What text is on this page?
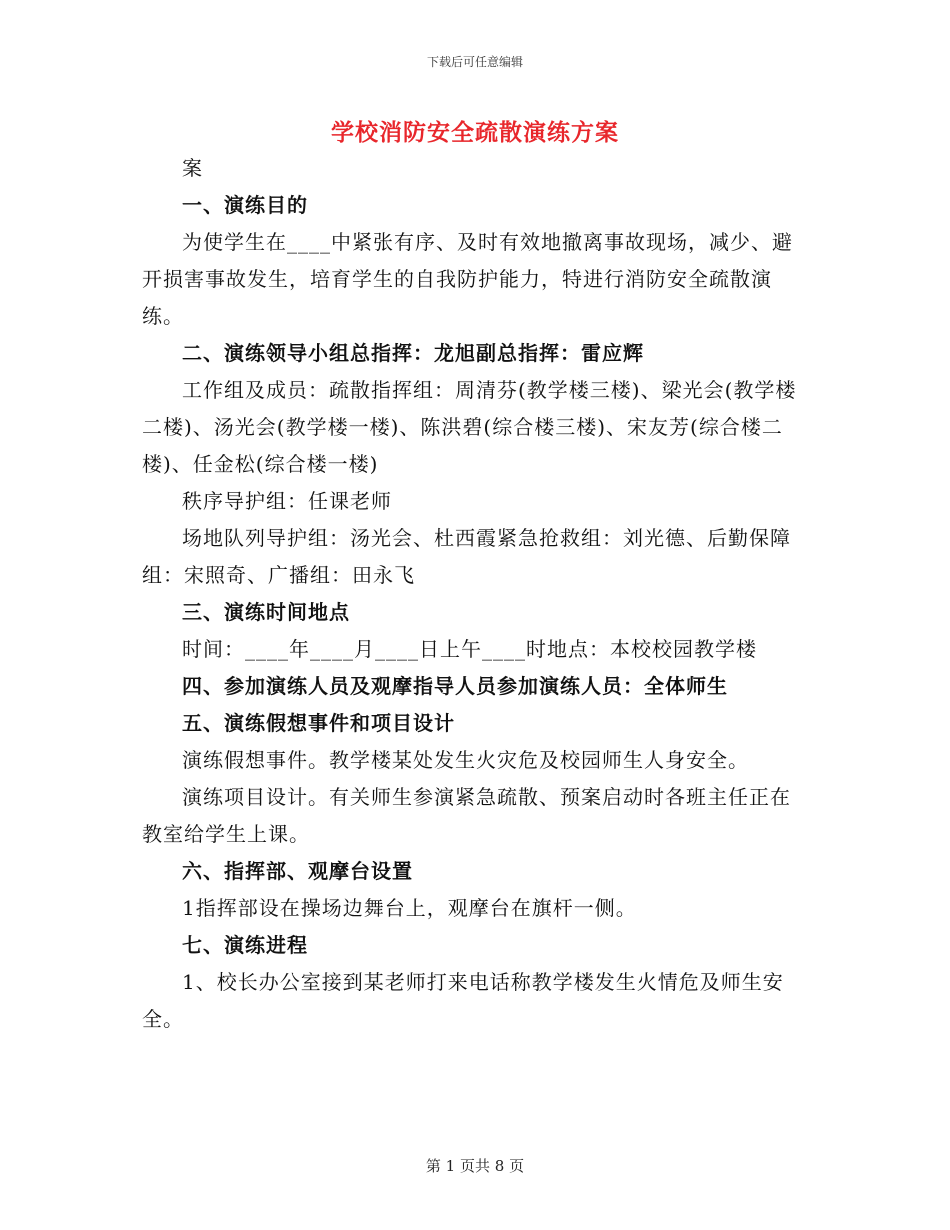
下载后可任意编辑
学校消防安全疏散演练方案
案
一、演练目的
为使学生在____中紧张有序、及时有效地撤离事故现场，减少、避开损害事故发生，培育学生的自我防护能力，特进行消防安全疏散演练。
二、演练领导小组总指挥：龙旭副总指挥：雷应辉
工作组及成员：疏散指挥组：周清芬(教学楼三楼)、梁光会(教学楼二楼)、汤光会(教学楼一楼)、陈洪碧(综合楼三楼)、宋友芳(综合楼二楼)、任金松(综合楼一楼)
秩序导护组：任课老师
场地队列导护组：汤光会、杜西霞紧急抢救组：刘光德、后勤保障组：宋照奇、广播组：田永飞
三、演练时间地点
时间：____年____月____日上午____时地点：本校校园教学楼
四、参加演练人员及观摩指导人员参加演练人员：全体师生
五、演练假想事件和项目设计
演练假想事件。教学楼某处发生火灾危及校园师生人身安全。
演练项目设计。有关师生参演紧急疏散、预案启动时各班主任正在教室给学生上课。
六、指挥部、观摩台设置
1指挥部设在操场边舞台上，观摩台在旗杆一侧。
七、演练进程
1、校长办公室接到某老师打来电话称教学楼发生火情危及师生安全。
第 1 页共 8 页
